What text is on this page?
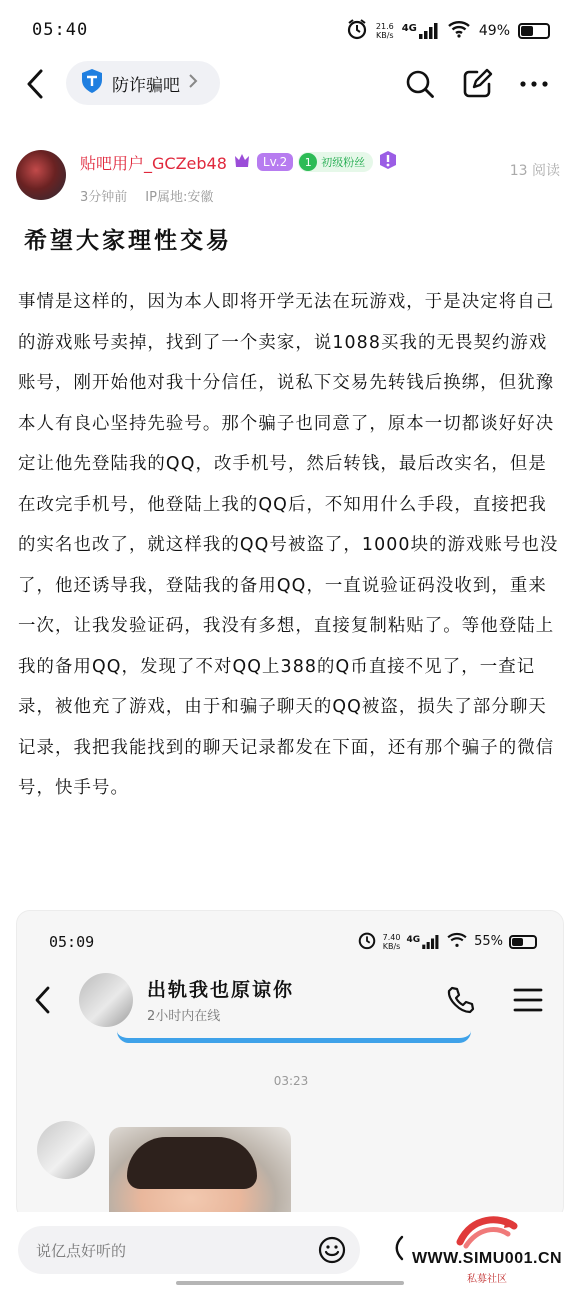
05:40	21.6
KB/s
4G	49%
防诈骗吧
贴吧用户_GCZeb48	Lv.2	1 初级粉丝
13 阅读
3分钟前 IP属地:安徽
希望大家理性交易
事情是这样的，因为本人即将开学无法在玩游戏，于是决定将自己的游戏账号卖掉，找到了一个卖家，说1088买我的无畏契约游戏账号，刚开始他对我十分信任，说私下交易先转钱后换绑，但犹豫本人有良心坚持先验号。那个骗子也同意了，原本一切都谈好好决定让他先登陆我的QQ，改手机号，然后转钱，最后改实名，但是在改完手机号，他登陆上我的QQ后，不知用什么手段，直接把我的实名也改了，就这样我的QQ号被盗了，1000块的游戏账号也没了，他还诱导我，登陆我的备用QQ，一直说验证码没收到，重来一次，让我发验证码，我没有多想，直接复制粘贴了。等他登陆上我的备用QQ，发现了不对QQ上388的Q币直接不见了，一查记录，被他充了游戏，由于和骗子聊天的QQ被盗，损失了部分聊天记录，我把我能找到的聊天记录都发在下面，还有那个骗子的微信号，快手号。
05:09	7.40
KB/s
4G	55%
出轨我也原谅你
2小时内在线
03:23
说亿点好听的	WWW.SIMU001.CN
私募社区
